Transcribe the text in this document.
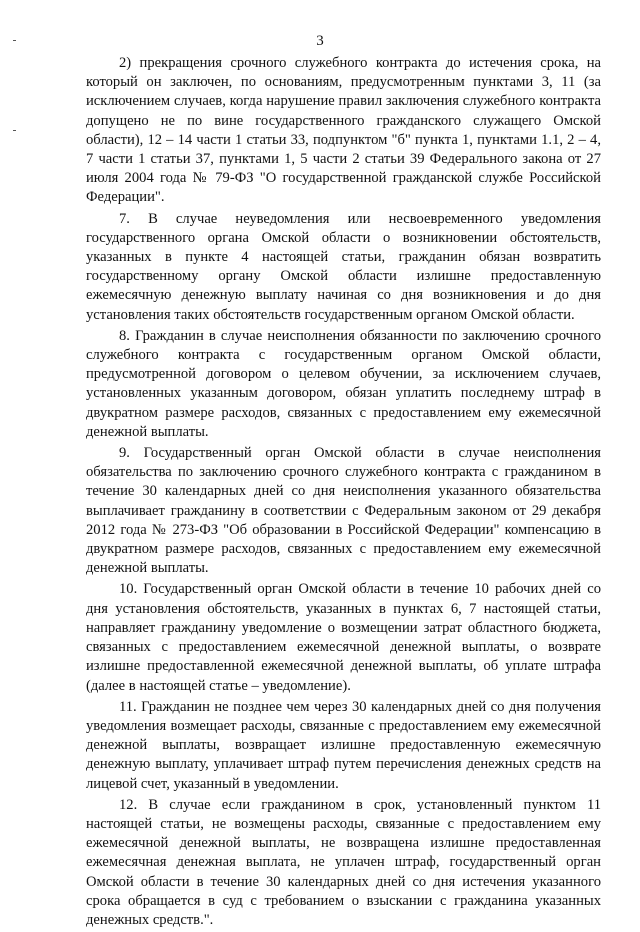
3

2) прекращения срочного служебного контракта до истечения срока, на который он заключен, по основаниям, предусмотренным пунктами 3, 11 (за исключением случаев, когда нарушение правил заключения служебного контракта допущено не по вине государственного гражданского служащего Омской области), 12 – 14 части 1 статьи 33, подпунктом "б" пункта 1, пунктами 1.1, 2 – 4, 7 части 1 статьи 37, пунктами 1, 5 части 2 статьи 39 Федерального закона от 27 июля 2004 года № 79-ФЗ "О государственной гражданской службе Российской Федерации".

7. В случае неуведомления или несвоевременного уведомления государственного органа Омской области о возникновении обстоятельств, указанных в пункте 4 настоящей статьи, гражданин обязан возвратить государственному органу Омской области излишне предоставленную ежемесячную денежную выплату начиная со дня возникновения и до дня установления таких обстоятельств государственным органом Омской области.

8. Гражданин в случае неисполнения обязанности по заключению срочного служебного контракта с государственным органом Омской области, предусмотренной договором о целевом обучении, за исключением случаев, установленных указанным договором, обязан уплатить последнему штраф в двукратном размере расходов, связанных с предоставлением ему ежемесячной денежной выплаты.

9. Государственный орган Омской области в случае неисполнения обязательства по заключению срочного служебного контракта с гражданином в течение 30 календарных дней со дня неисполнения указанного обязательства выплачивает гражданину в соответствии с Федеральным законом от 29 декабря 2012 года № 273-ФЗ "Об образовании в Российской Федерации" компенсацию в двукратном размере расходов, связанных с предоставлением ему ежемесячной денежной выплаты.

10. Государственный орган Омской области в течение 10 рабочих дней со дня установления обстоятельств, указанных в пунктах 6, 7 настоящей статьи, направляет гражданину уведомление о возмещении затрат областного бюджета, связанных с предоставлением ежемесячной денежной выплаты, о возврате излишне предоставленной ежемесячной денежной выплаты, об уплате штрафа (далее в настоящей статье – уведомление).

11. Гражданин не позднее чем через 30 календарных дней со дня получения уведомления возмещает расходы, связанные с предоставлением ему ежемесячной денежной выплаты, возвращает излишне предоставленную ежемесячную денежную выплату, уплачивает штраф путем перечисления денежных средств на лицевой счет, указанный в уведомлении.

12. В случае если гражданином в срок, установленный пунктом 11 настоящей статьи, не возмещены расходы, связанные с предоставлением ему ежемесячной денежной выплаты, не возвращена излишне предоставленная ежемесячная денежная выплата, не уплачен штраф, государственный орган Омской области в течение 30 календарных дней со дня истечения указанного срока обращается в суд с требованием о взыскании с гражданина указанных денежных средств.".
